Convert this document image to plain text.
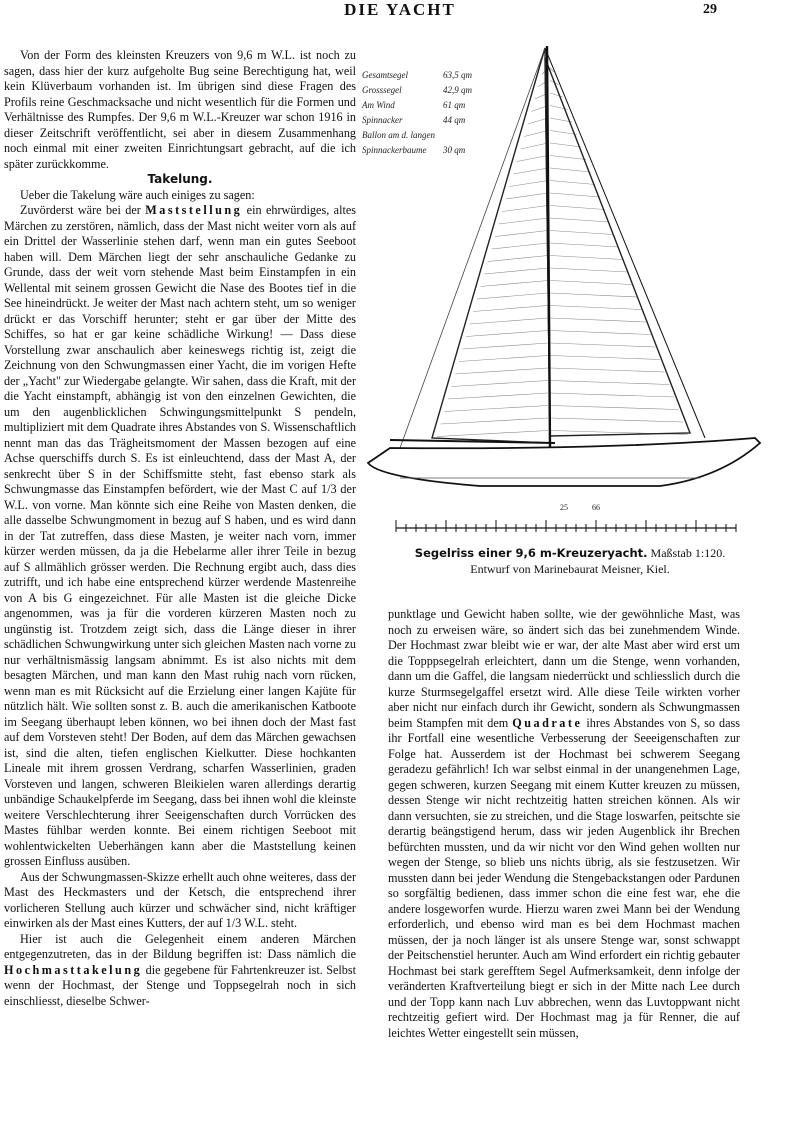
DIE YACHT	29

Von der Form des kleinsten Kreuzers von 9,6 m W.L. ist noch zu sagen, dass hier der kurz aufgeholte Bug seine Berechtigung hat, weil kein Klüverbaum vorhanden ist. Im übrigen sind diese Fragen des Profils reine Geschmacksache und nicht wesentlich für die Formen und Verhältnisse des Rumpfes. Der 9,6 m W.L.-Kreuzer war schon 1916 in dieser Zeitschrift veröffentlicht, sei aber in diesem Zusammenhang noch einmal mit einer zweiten Einrichtungsart gebracht, auf die ich später zurückkomme.

Takelung.

Ueber die Takelung wäre auch einiges zu sagen:

Zuvörderst wäre bei der Maststellung ein ehrwürdiges, altes Märchen zu zerstören, nämlich, dass der Mast nicht weiter vorn als auf ein Drittel der Wasserlinie stehen darf, wenn man ein gutes Seeboot haben will. Dem Märchen liegt der sehr anschauliche Gedanke zu Grunde, dass der weit vorn stehende Mast beim Einstampfen in ein Wellental mit seinem grossen Gewicht die Nase des Bootes tief in die See hineindrückt. Je weiter der Mast nach achtern steht, um so weniger drückt er das Vorschiff herunter; steht er gar über der Mitte des Schiffes, so hat er gar keine schädliche Wirkung! — Dass diese Vorstellung zwar anschaulich aber keineswegs richtig ist, zeigt die Zeichnung von den Schwungmassen einer Yacht, die im vorigen Hefte der „Yacht" zur Wiedergabe gelangte. Wir sahen, dass die Kraft, mit der die Yacht einstampft, abhängig ist von den einzelnen Gewichten, die um den augenblicklichen Schwingungsmittelpunkt S pendeln, multipliziert mit dem Quadrate ihres Abstandes von S. Wissenschaftlich nennt man das das Trägheitsmoment der Massen bezogen auf eine Achse querschiffs durch S. Es ist einleuchtend, dass der Mast A, der senkrecht über S in der Schiffsmitte steht, fast ebenso stark als Schwungmasse das Einstampfen befördert, wie der Mast C auf 1/3 der W.L. von vorne. Man könnte sich eine Reihe von Masten denken, die alle dasselbe Schwungmoment in bezug auf S haben, und es wird dann in der Tat zutreffen, dass diese Masten, je weiter nach vorn, immer kürzer werden müssen, da ja die Hebelarme aller ihrer Teile in bezug auf S allmählich grösser werden. Die Rechnung ergibt auch, dass dies zutrifft, und ich habe eine entsprechend kürzer werdende Mastenreihe von A bis G eingezeichnet. Für alle Masten ist die gleiche Dicke angenommen, was ja für die vorderen kürzeren Masten noch zu ungünstig ist. Trotzdem zeigt sich, dass die Länge dieser in ihrer schädlichen Schwungwirkung unter sich gleichen Masten nach vorne zu nur verhältnismässig langsam abnimmt. Es ist also nichts mit dem besagten Märchen, und man kann den Mast ruhig nach vorn rücken, wenn man es mit Rücksicht auf die Erzielung einer langen Kajüte für nützlich hält. Wie sollten sonst z. B. auch die amerikanischen Katboote im Seegang überhaupt leben können, wo bei ihnen doch der Mast fast auf dem Vorsteven steht! Der Boden, auf dem das Märchen gewachsen ist, sind die alten, tiefen englischen Kielkutter. Diese hochkanten Lineale mit ihrem grossen Verdrang, scharfen Wasserlinien, graden Vorsteven und langen, schweren Bleikielen waren allerdings derartig unbändige Schaukelpferde im Seegang, dass bei ihnen wohl die kleinste weitere Verschlechterung ihrer Seeigenschaften durch Vorrücken des Mastes fühlbar werden konnte. Bei einem richtigen Seeboot mit wohlentwickelten Ueberhängen kann aber die Maststellung keinen grossen Einfluss ausüben.

Aus der Schwungmassen-Skizze erhellt auch ohne weiteres, dass der Mast des Heckmasters und der Ketsch, die entsprechend ihrer vorlicheren Stellung auch kürzer und schwächer sind, nicht kräftiger einwirken als der Mast eines Kutters, der auf 1/3 W.L. steht.

Hier ist auch die Gelegenheit einem anderen Märchen entgegenzutreten, das in der Bildung begriffen ist: Dass nämlich die Hochmasttakelung die gegebene für Fahrtenkreuzer ist. Selbst wenn der Hochmast, der Stenge und Toppsegelrah noch in sich einschliesst, dieselbe Schwer-

Gesamtsegel	63,5 qm
Grosssegel	42,9 qm
Am Wind	61 qm
Spinnacker	44 qm
Ballon am d. langen
Spinnackerbaume 30 qm
25	66
Segelriss einer 9,6 m-Kreuzeryacht. Maßstab 1:120.
Entwurf von Marinebaurat Meisner, Kiel.

punktlage und Gewicht haben sollte, wie der gewöhnliche Mast, was noch zu erweisen wäre, so ändert sich das bei zunehmendem Winde. Der Hochmast zwar bleibt wie er war, der alte Mast aber wird erst um die Topppsegelrah erleichtert, dann um die Stenge, wenn vorhanden, dann um die Gaffel, die langsam niederrückt und schliesslich durch die kurze Sturmsegelgaffel ersetzt wird. Alle diese Teile wirkten vorher aber nicht nur einfach durch ihr Gewicht, sondern als Schwungmassen beim Stampfen mit dem Quadrate ihres Abstandes von S, so dass ihr Fortfall eine wesentliche Verbesserung der Seeeigenschaften zur Folge hat. Ausserdem ist der Hochmast bei schwerem Seegang geradezu gefährlich! Ich war selbst einmal in der unangenehmen Lage, gegen schweren, kurzen Seegang mit einem Kutter kreuzen zu müssen, dessen Stenge wir nicht rechtzeitig hatten streichen können. Als wir dann versuchten, sie zu streichen, und die Stage loswarfen, peitschte sie derartig beängstigend herum, dass wir jeden Augenblick ihr Brechen befürchten mussten, und da wir nicht vor den Wind gehen wollten nur wegen der Stenge, so blieb uns nichts übrig, als sie festzusetzen. Wir mussten dann bei jeder Wendung die Stengebackstangen oder Pardunen so sorgfältig bedienen, dass immer schon die eine fest war, ehe die andere losgeworfen wurde. Hierzu waren zwei Mann bei der Wendung erforderlich, und ebenso wird man es bei dem Hochmast machen müssen, der ja noch länger ist als unsere Stenge war, sonst schwappt der Peitschenstiel herunter. Auch am Wind erfordert ein richtig gebauter Hochmast bei stark gerefftem Segel Aufmerksamkeit, denn infolge der veränderten Kraftverteilung biegt er sich in der Mitte nach Lee durch und der Topp kann nach Luv abbrechen, wenn das Luvtoppwant nicht rechtzeitig gefiert wird. Der Hochmast mag ja für Renner, die auf leichtes Wetter eingestellt sein müssen,
